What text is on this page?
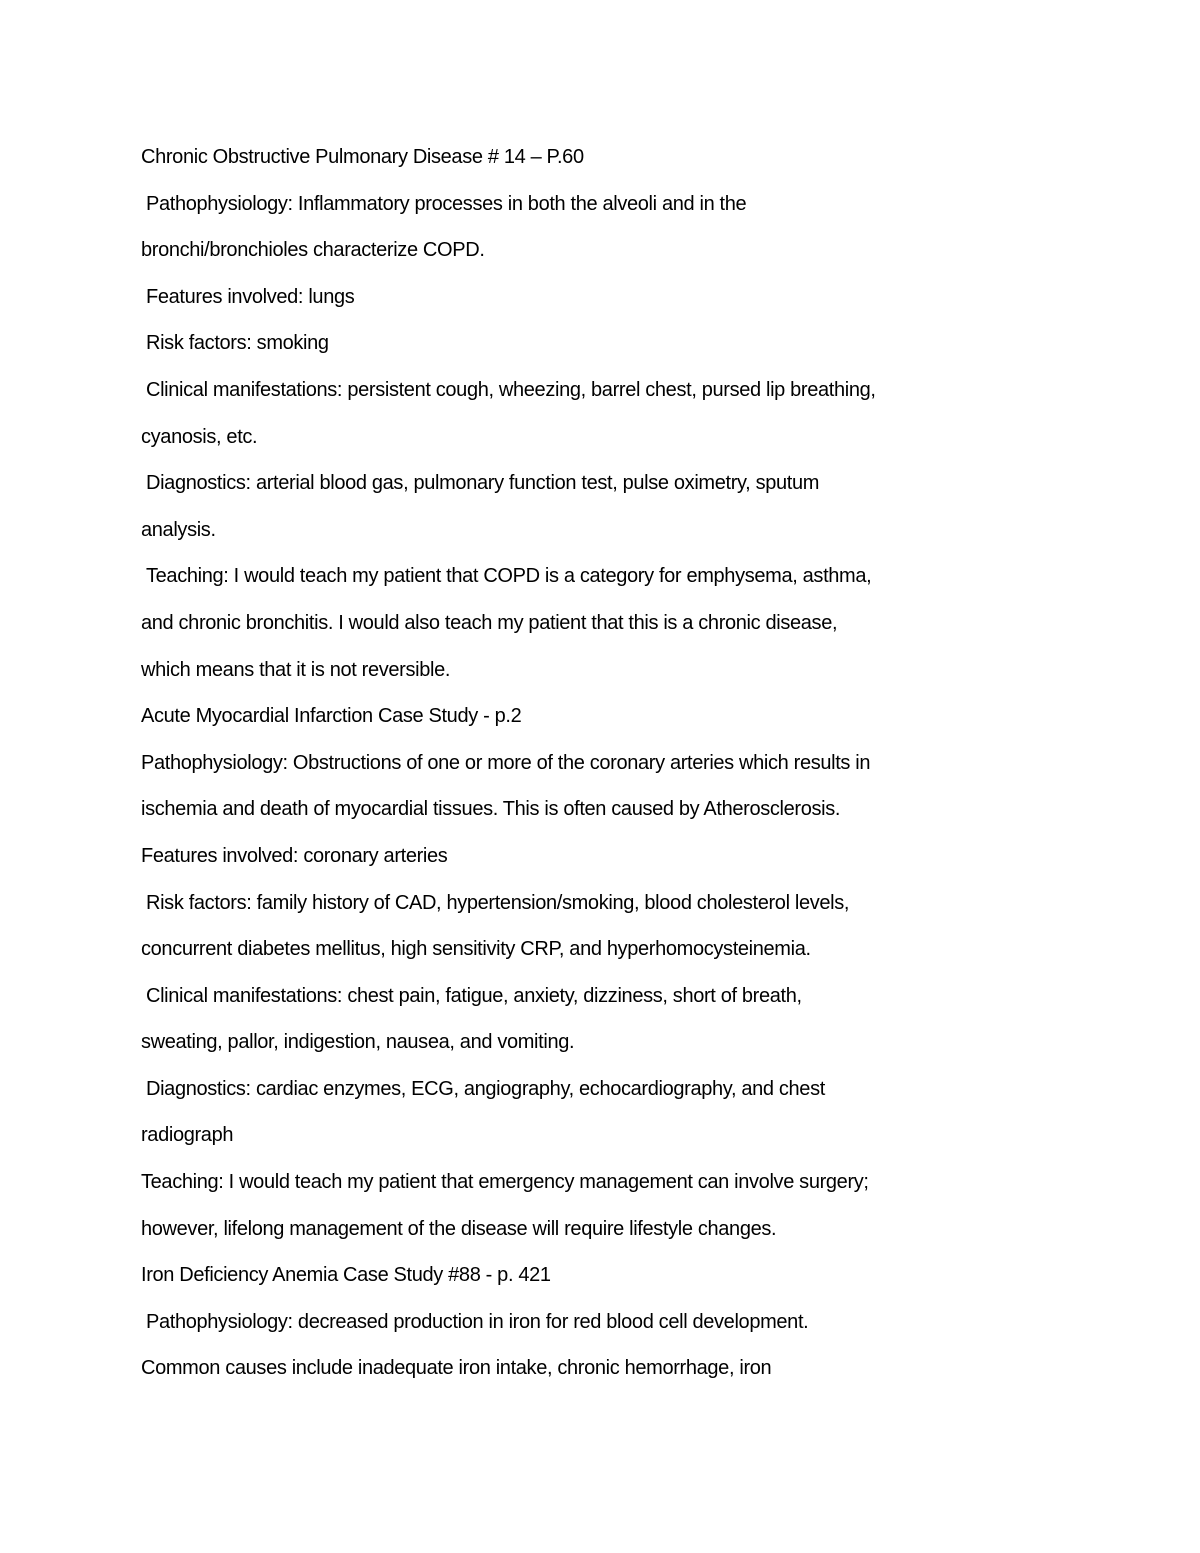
Chronic Obstructive Pulmonary Disease # 14 – P.60
Pathophysiology: Inflammatory processes in both the alveoli and in the
bronchi/bronchioles characterize COPD.
Features involved: lungs
Risk factors: smoking
Clinical manifestations: persistent cough, wheezing, barrel chest, pursed lip breathing,
cyanosis, etc.
Diagnostics: arterial blood gas, pulmonary function test, pulse oximetry, sputum
analysis.
Teaching: I would teach my patient that COPD is a category for emphysema, asthma,
and chronic bronchitis. I would also teach my patient that this is a chronic disease,
which means that it is not reversible.
Acute Myocardial Infarction Case Study - p.2
Pathophysiology: Obstructions of one or more of the coronary arteries which results in
ischemia and death of myocardial tissues. This is often caused by Atherosclerosis.
Features involved: coronary arteries
Risk factors: family history of CAD, hypertension/smoking, blood cholesterol levels,
concurrent diabetes mellitus, high sensitivity CRP, and hyperhomocysteinemia.
Clinical manifestations: chest pain, fatigue, anxiety, dizziness, short of breath,
sweating, pallor, indigestion, nausea, and vomiting.
Diagnostics: cardiac enzymes, ECG, angiography, echocardiography, and chest
radiograph
Teaching: I would teach my patient that emergency management can involve surgery;
however, lifelong management of the disease will require lifestyle changes.
Iron Deficiency Anemia Case Study #88 - p. 421
Pathophysiology: decreased production in iron for red blood cell development.
Common causes include inadequate iron intake, chronic hemorrhage, iron
